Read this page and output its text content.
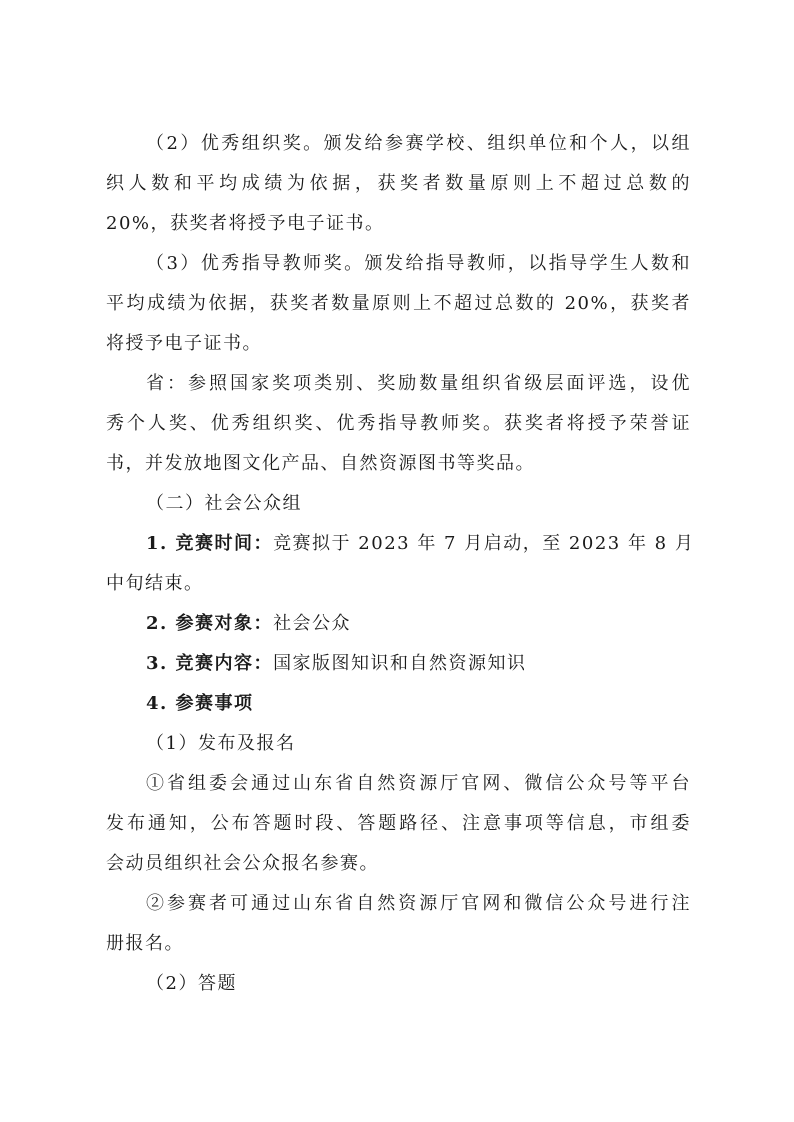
（2）优秀组织奖。颁发给参赛学校、组织单位和个人，以组
织人数和平均成绩为依据，获奖者数量原则上不超过总数的
20%，获奖者将授予电子证书。
（3）优秀指导教师奖。颁发给指导教师，以指导学生人数和
平均成绩为依据，获奖者数量原则上不超过总数的 20%，获奖者
将授予电子证书。
省：参照国家奖项类别、奖励数量组织省级层面评选，设优
秀个人奖、优秀组织奖、优秀指导教师奖。获奖者将授予荣誉证
书，并发放地图文化产品、自然资源图书等奖品。
（二）社会公众组
1. 竞赛时间：竞赛拟于 2023 年 7 月启动，至 2023 年 8 月
中旬结束。
2. 参赛对象：社会公众
3. 竞赛内容：国家版图知识和自然资源知识
4. 参赛事项
（1）发布及报名
①省组委会通过山东省自然资源厅官网、微信公众号等平台
发布通知，公布答题时段、答题路径、注意事项等信息，市组委
会动员组织社会公众报名参赛。
②参赛者可通过山东省自然资源厅官网和微信公众号进行注
册报名。
（2）答题
